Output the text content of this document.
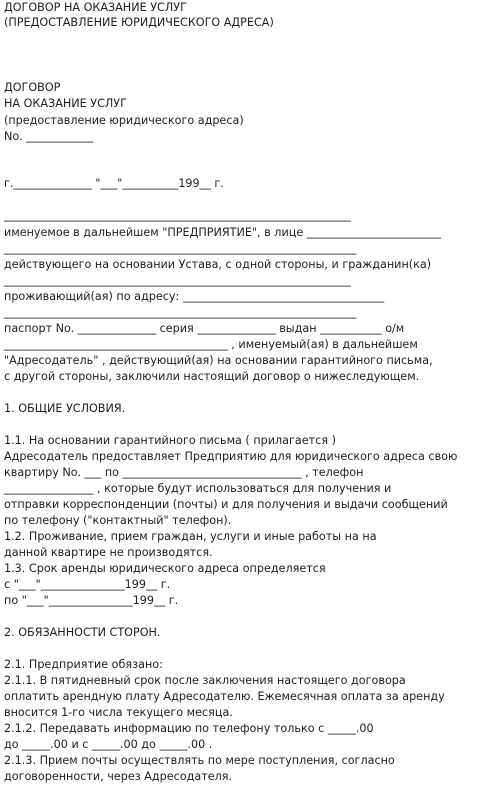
ДОГОВОР НА ОКАЗАНИЕ УСЛУГ
(ПРЕДОСТАВЛЕНИЕ ЮРИДИЧЕСКОГО АДРЕСА)
ДОГОВОР
НА ОКАЗАНИЕ УСЛУГ
(предоставление юридического адреса)
No. ____________
г.______________ "___"__________199__ г.
______________________________________________________________
именуемое в дальнейшем "ПРЕДПРИЯТИЕ", в лице ________________________
_______________________________________________________________
действующего на основании Устава, с одной стороны, и гражданин(ка)
______________________________________________________________
проживающий(ая) по адресу: ____________________________________
_______________________________________________________________
паспорт No. ______________ серия ______________ выдан ___________ о/м
________________________________________ , именуемый(ая) в дальнейшем
"Адресодатель" , действующий(ая) на основании гарантийного письма,
с другой стороны, заключили настоящий договор о нижеследующем.
1. ОБЩИЕ УСЛОВИЯ.
1.1. На основании гарантийного письма ( прилагается )
Адресодатель предоставляет Предприятию для юридического адреса свою
квартиру No. ___ по ________________________________ , телефон
________________ , которые будут использоваться для получения и
отправки корреспонденции (почты) и для получения и выдачи сообщений
по телефону ("контактный" телефон).
1.2. Проживание, прием граждан, услуги и иные работы на на
данной квартире не производятся.
1.3. Срок аренды юридического адреса определяется
с "___"_______________199__ г.
по "___"_______________199__ г.
2. ОБЯЗАННОСТИ СТОРОН.
2.1. Предприятие обязано:
2.1.1. В пятидневный срок после заключения настоящего договора
оплатить арендную плату Адресодателю. Ежемесячная оплата за аренду
вносится 1-го числа текущего месяца.
2.1.2. Передавать информацию по телефону только с _____.00
до _____.00 и с _____.00 до _____.00 .
2.1.3. Прием почты осуществлять по мере поступления, согласно
договоренности, через Адресодателя.
